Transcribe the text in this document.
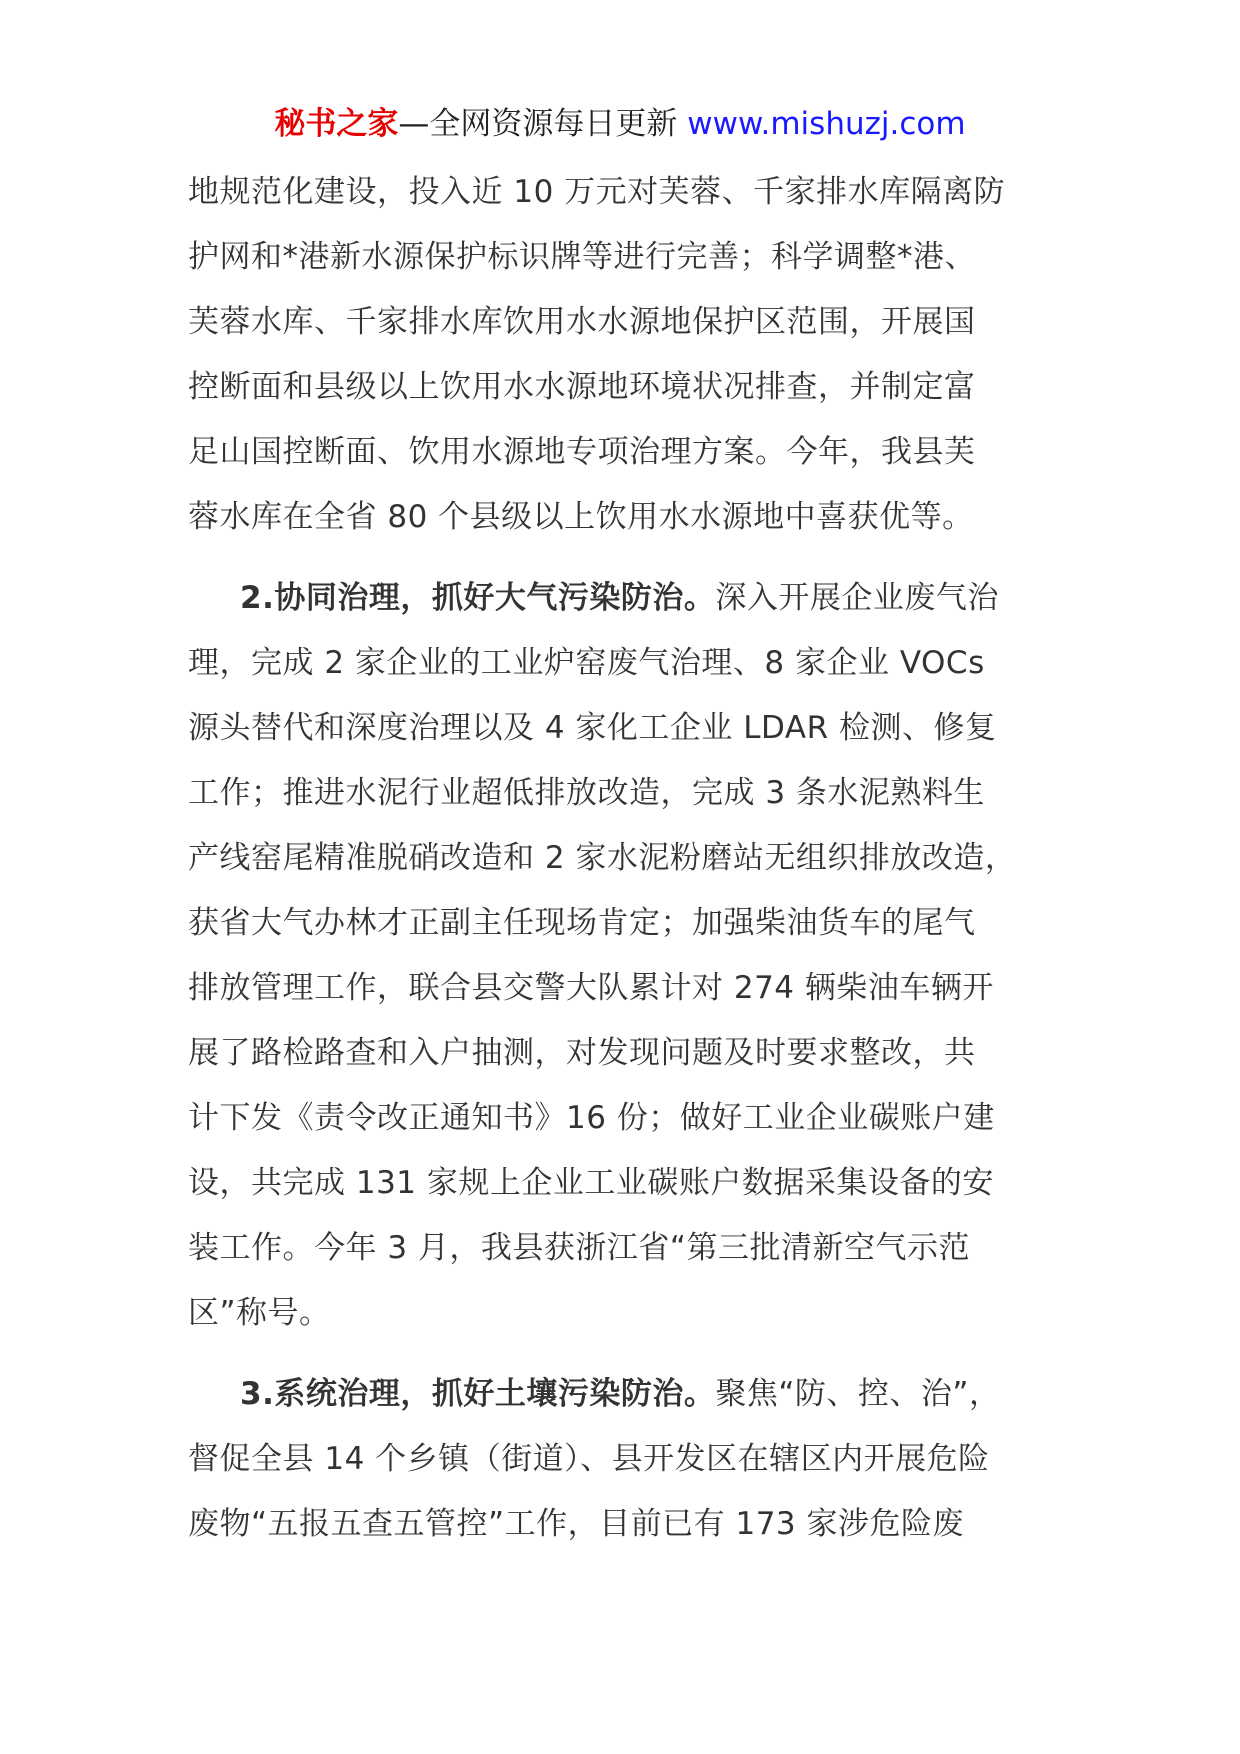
秘书之家—全网资源每日更新 www.mishuzj.com
地规范化建设，投入近 10 万元对芙蓉、千家排水库隔离防
护网和*港新水源保护标识牌等进行完善；科学调整*港、
芙蓉水库、千家排水库饮用水水源地保护区范围，开展国
控断面和县级以上饮用水水源地环境状况排查，并制定富
足山国控断面、饮用水源地专项治理方案。今年，我县芙
蓉水库在全省 80 个县级以上饮用水水源地中喜获优等。
2.协同治理，抓好大气污染防治。深入开展企业废气治
理，完成 2 家企业的工业炉窑废气治理、8 家企业 VOCs
源头替代和深度治理以及 4 家化工企业 LDAR 检测、修复
工作；推进水泥行业超低排放改造，完成 3 条水泥熟料生
产线窑尾精准脱硝改造和 2 家水泥粉磨站无组织排放改造，
获省大气办林才正副主任现场肯定；加强柴油货车的尾气
排放管理工作，联合县交警大队累计对 274 辆柴油车辆开
展了路检路查和入户抽测，对发现问题及时要求整改，共
计下发《责令改正通知书》16 份；做好工业企业碳账户建
设，共完成 131 家规上企业工业碳账户数据采集设备的安
装工作。今年 3 月，我县获浙江省“第三批清新空气示范
区”称号。
3.系统治理，抓好土壤污染防治。聚焦“防、控、治”，
督促全县 14 个乡镇（街道）、县开发区在辖区内开展危险
废物“五报五查五管控”工作，目前已有 173 家涉危险废
